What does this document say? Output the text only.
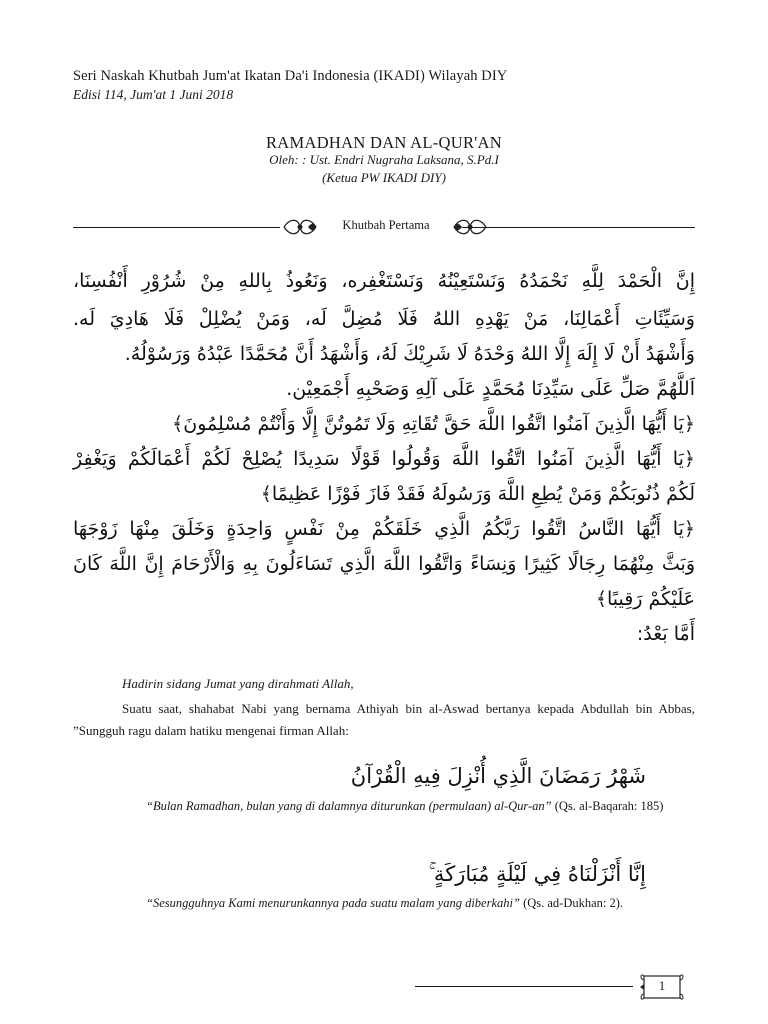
Seri Naskah Khutbah Jum'at Ikatan Da'i Indonesia (IKADI) Wilayah DIY
Edisi 114, Jum'at 1 Juni 2018
RAMADHAN DAN AL-QUR'AN
Oleh: : Ust. Endri Nugraha Laksana, S.Pd.I
(Ketua PW IKADI DIY)
Khutbah Pertama
إِنَّ الْحَمْدَ لِلَّهِ نَحْمَدُهُ وَنَسْتَعِيْنُهُ وَنَسْتَغْفِره، وَنَعُوذُ بِاللهِ مِنْ شُرُوْرِ أَنْفُسِنَا،
وَسَيِّئَاتِ أَعْمَالِنَا، مَنْ يَهْدِهِ اللهُ فَلَا مُضِلَّ لَه، وَمَنْ يُضْلِلْ فَلَا هَادِيَ لَه.
وَأَشْهَدُ أَنْ لَا إِلَهَ إِلَّا اللهُ وَحْدَهُ لَا شَرِيْكَ لَهُ، وَأَشْهَدُ أَنَّ مُحَمَّدًا عَبْدُهُ وَرَسُوْلُهُ.
اَللَّهُمَّ صَلِّ عَلَى سَيِّدِنَا مُحَمَّدٍ عَلَى آلِهِ وَصَحْبِهِ أَجْمَعِيْن.
﴿يَا أَيُّهَا الَّذِينَ آمَنُوا اتَّقُوا اللَّهَ حَقَّ تُقَاتِهِ وَلَا تَمُوتُنَّ إِلَّا وَأَنْتُمْ مُسْلِمُونَ﴾
﴿يَا أَيُّهَا الَّذِينَ آمَنُوا اتَّقُوا اللَّهَ وَقُولُوا قَوْلًا سَدِيدًا يُصْلِحْ لَكُمْ أَعْمَالَكُمْ وَيَغْفِرْ
لَكُمْ ذُنُوبَكُمْ وَمَنْ يُطِعِ اللَّهَ وَرَسُولَهُ فَقَدْ فَازَ فَوْزًا عَظِيمًا﴾
﴿يَا أَيُّهَا النَّاسُ اتَّقُوا رَبَّكُمُ الَّذِي خَلَقَكُمْ مِنْ نَفْسٍ وَاحِدَةٍ وَخَلَقَ مِنْهَا زَوْجَهَا
وَبَثَّ مِنْهُمَا رِجَالًا كَثِيرًا وَنِسَاءً وَاتَّقُوا اللَّهَ الَّذِي تَسَاءَلُونَ بِهِ وَالْأَرْحَامَ إِنَّ اللَّهَ كَانَ
عَلَيْكُمْ رَقِيبًا﴾
أَمَّا بَعْدُ:
Hadirin sidang Jumat yang dirahmati Allah,
Suatu saat, shahabat Nabi yang bernama Athiyah bin al-Aswad bertanya kepada Abdullah bin Abbas, ”Sungguh ragu dalam hatiku mengenai firman Allah:
شَهْرُ رَمَضَانَ الَّذِي أُنْزِلَ فِيهِ الْقُرْآنُ
“Bulan Ramadhan, bulan yang di dalamnya diturunkan (permulaan) al-Qur-an” (Qs. al-Baqarah: 185)
إِنَّا أَنْزَلْنَاهُ فِي لَيْلَةٍ مُبَارَكَةٍ ۚ
“Sesungguhnya Kami menurunkannya pada suatu malam yang diberkahi” (Qs. ad-Dukhan: 2).
1
